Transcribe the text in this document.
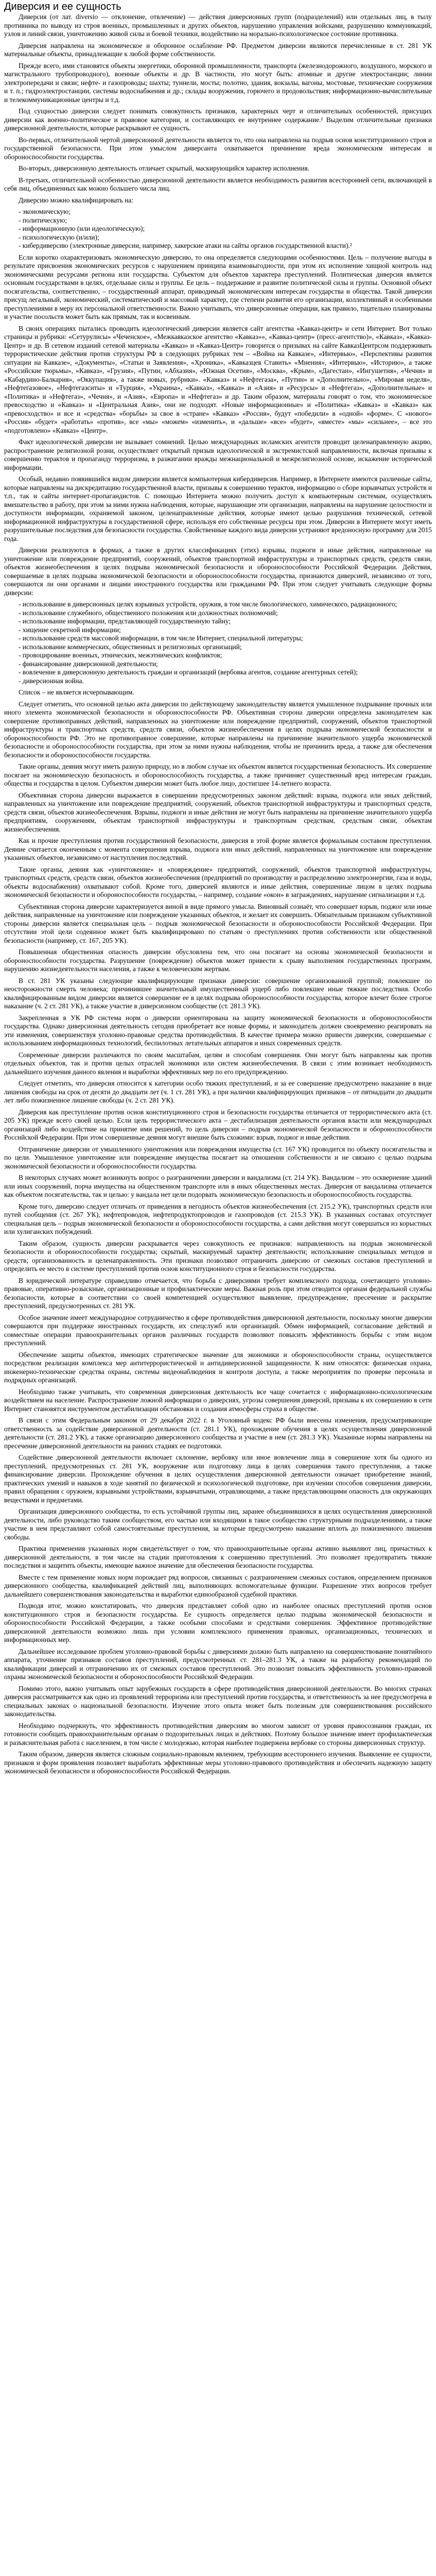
Диверсия и ее сущность

Диверсия (от лат. diversio — отклонение, отвлечение) — действия диверсионных групп (подразделений) или отдельных лиц, в тылу противника по выводу из строя военных, промышленных и других объектов, нарушению управления войсками, разрушению коммуникаций, узлов и линий связи, уничтожению живой силы и боевой техники, воздействию на морально-психологическое состояние противника.

Диверсия направлена на экономическое и оборонное ослабление РФ. Предметом диверсии являются перечисленные в ст. 281 УК материальные объекты, принадлежащие к любой форме собственности.

Прежде всего, ими становятся объекты энергетики, оборонной промышленности, транспорта (железнодорожного, воздушного, морского и магистрального трубопроводного), военные объекты и др. В частности, это могут быть: атомные и другие электростанции; линии электропередачи и связи; нефте- и газопроводы; шахты; туннели, мосты; полотно, здания, вокзалы, вагоны, мостовые, технические сооружения и т. п.; гидроэлектростанции, системы водоснабжения и др.; склады вооружения, горючего и продовольствия; информационно-вычислительные и телекоммуникационные центры и т.д.

Под сущностью диверсии следует понимать совокупность признаков, характерных черт и отличительных особенностей, присущих диверсии как военно-политическое и правовое категории, и составляющих ее внутреннее содержание.¹ Выделим отличительные признаки диверсионной деятельности, которые раскрывают ее сущность.

Во-первых, отличительной чертой диверсионной деятельности является то, что она направлена на подрыв основ конституционного строя и государственной безопасности. При этом умыслом диверсанта охватывается причинение вреда экономическим интересам и обороноспособности государства.

Во-вторых, диверсионную деятельность отличает скрытый, маскирующийся характер исполнения.

В-третьих, отличительной особенностью диверсионной деятельности является необходимость развития всесторонней сети, включающей в себя лиц, объединенных как можно большего числа лиц.

Диверсию можно квалифицировать на:

- экономическую;

- политическую;

- информационную (или идеологическую);

- психологическую (и/или);

- кибердиверсию (электронные диверсии, например, хакерские атаки на сайты органов государственной власти).²

Если коротко охарактеризовать экономическую диверсию, то она определяется следующими особенностями. Цель – получение выгоды в результате присвоения экономических ресурсов с нарушением принципа взаимовыгодности, при этом их исполнение хищной контроль над экономическими ресурсами региона или государства. Субъектом для объектов характера преступлений. Политическая диверсия является основным государствами в целях, отдельные силы и группы. Ее цель – поддержание и развитие политической силы и группы. Основной объект посягательства, соответственно, – государственный аппарат, приводимый экономическим интересам государства и общества. Такой диверсии присущ легальный, экономический, систематический и массовый характер, где степени развития его организации, коллективный и особенными преступлениями в меру их персональной ответственности. Важно учитывать, что диверсионные операции, как правило, тщательно планированы и участие посольств может быть как прямым, так и косвенным.

В своих операциях пытались проводить идеологический диверсии является сайт агентства «Кавказ-центр» и сети Интернет. Вот только страницы и рубрики: «Сетурулисы» «Чеченское», «Межкавказское агентство «Кавказ»», «Кавказ-центр» (пресс-агентство)», «Кавказ», «Кавказ-Центр» и др. В сетевом изданий сетевой материалы «Кавказ» и «Кавказ-Центр» говорится о призывах на сайте КавказЦентрсом поддерживать террористические действия против структуры РФ в следующих рубриках тем – «Война на Кавказе», «Интервью», «Перспективы развития ситуации на Кавказе», «Документы», «Статьи и Заявления», «Хроника», «Кавказцев Ставить» «Мнения», «Интервью», «Историю», а также «Российские тюрьмы», «Кавказ», «Грузия», «Путин, «Абхазия», «Южная Осетия», «Москва», «Крым», «Дагестан», «Ингушетия», «Чечня» и «Кабардино-Балкария», «Оккупация», а также новых, рубрики». «Кавказ» и «Нефтегаза», «Путин» и «Дополнительно», «Мировая неделя», «Нефтегазовое», «Нефтегазситы» и «Турция», «Украина», «Кавказ», «Кавказ» и «Азия» и «Ресурсы» и «Нефтегаз», «Дополнительные» и «Политика» и «Нефтегаз», «Чечня», и «Азия», «Европа» и «Нефтегаз» и др. Таким образом, материалы говорят о том, что экономическое превосходство и «Кавказ» и «Центральная Азия», они не подходят. «Новые информационные» и «Политика» «Кавказ» и «Кавказ» как «превосходство» и все и «средства» «борьбы» за свое в «стране» «Кавказ» «Россия», будут «победили» в «одной» «форме». С «нового» «Россия» «будет» «работать» «против», все «мы» «можем» «изменить», и «дальше» «все» «будет», «вместе» «мы» «сильнее», – все это «подготовлено» «Кавказ» «Центр».

Факт идеологической диверсии не вызывает сомнений. Целью международных исламских агентств проводит целенаправленную акцию, распространение религиозной розни, осуществляет открытый призыв идеологической и экстремистской направленности, включая призывы к совершению терактов и пропаганду терроризма, в разжигании вражды межнациональной и межрелигиозной основе, искажение исторической информации.

Особый, недавно появившийся видом диверсии является компьютерная кибердиверсия. Например, в Интернете имеются различные сайты, которые направлены на дискредитацию государственной власти, призывы к совершению терактов, информацию о сборе взрывчатых устройств и т.п., так и сайты интернет-пропагандистов. С помощью Интернета можно получить доступ к компьютерным системам, осуществлять вмешательство в работу, при этом за ними нужна наблюдения, которые, нарушающие эти организации, направлены на нарушение целостности и доступности информации, охраняемой законом, целенаправленные действия, которые имеют целью разрушения технической, сетевой информационной инфраструктуры в государственной сфере, используя его собственные ресурсы при этом. Диверсии в Интернете могут иметь разрушительные последствия для безопасности государства. Свойственные каждого вида диверсии устраняют вредоносную программу для 2015 года.

Диверсии реализуются в формах, а также в других классификациях (этих) взрывы, поджоги и иные действия, направленные на уничтожение или повреждение предприятий, сооружений, объектов транспортной инфраструктуры и транспортных средств, средств связи, объектов жизнеобеспечения в целях подрыва экономической безопасности и обороноспособности Российской Федерации. Действия, совершаемые в целях подрыва экономической безопасности и обороноспособности государства, признаются диверсией, независимо от того, совершаются ли они органами и лицами иностранного государства или гражданами РФ. При этом следует учитывать следующие формы диверсии:

- использование в диверсионных целях взрывных устройств, оружия, в том числе биологического, химического, радиационного;

- использование служебного, общественного положения или должностных полномочий;

- использование информации, представляющей государственную тайну;

- хищение секретной информации;

- использование средств массовой информации, в том числе Интернет, специальной литературы;

- использование коммерческих, общественных и религиозных организаций;

- провоцирование военных, этнических, межэтнических конфликтов;

- финансирование диверсионной деятельности;

- вовлечение в диверсионную деятельность граждан и организаций (вербовка агентов, создание агентурных сетей);

- диверсионная война.

Список – не является исчерпывающим.

Следует отметить, что основной целью акта диверсии по действующему законодательству является умышленное подрывание прочных или иного элемента экономической безопасности и обороноспособности РФ. Объективная сторона диверсии определена законодателем как совершение противоправных действий, направленных на уничтожение или повреждение предприятий, сооружений, объектов транспортной инфраструктуры и транспортных средств, средств связи, объектов жизнеобеспечения в целях подрыва экономической безопасности и обороноспособности РФ. Это не противоправное совершение, которые направлены на причинение значительного ущерба экономической безопасности и обороноспособности государства, при этом за ними нужны наблюдения, чтобы не причинить вреда, а также для обеспечения безопасности и обороноспособности государства.

Такие органы, деяния могут иметь разную природу, но в любом случае их объектом является государственная безопасность. Их совершение посягает на экономическую безопасность и обороноспособность государства, а также причиняет существенный вред интересам граждан, общества и государства в целом. Субъектом диверсии может быть любое лицо, достигшее 14-летнего возраста.

Объективная сторона диверсии выражается в совершении предусмотренных законом действий: взрыва, поджога или иных действий, направленных на уничтожение или повреждение предприятий, сооружений, объектов транспортной инфраструктуры и транспортных средств, средств связи, объектов жизнеобеспечения. Взрывы, поджоги и иные действия не могут быть направлены на причинение значительного ущерба предприятиям, сооружениям, объектам транспортной инфраструктуры и транспортным средствам, средствам связи, объектам жизнеобеспечения.

Как и прочие преступления против государственной безопасности, диверсия в этой форме является формальным составом преступления. Деяние считается оконченным с момента совершения взрыва, поджога или иных действий, направленных на уничтожение или повреждение указанных объектов, независимо от наступления последствий.

Такие органы, деяния как «уничтожение» и «повреждение» предприятий, сооружений, объектов транспортной инфраструктуры, транспортных средств, средств связи, объектов жизнеобеспечения (предприятий по производству и распределению электроэнергии, газа и воды, объекты водоснабжения) охватывают собой. Кроме того, диверсией являются и иные действия, совершенные лицом в целях подрыва экономической безопасности и обороноспособности государства, – например, создание «окон» в заграждениях, нарушение сигнализации и т.д.

Субъективная сторона диверсии характеризуется виной в виде прямого умысла. Виновный сознаёт, что совершает взрыв, поджог или иные действия, направленные на уничтожение или повреждение указанных объектов, и желает их совершить. Обязательным признаком субъективной стороны диверсии является специальная цель – подрыв экономической безопасности и обороноспособности Российской Федерации. При отсутствии этой цели содеянное может быть квалифицировано по статьям о преступлениях против собственности или общественной безопасности (например, ст. 167, 205 УК).

Повышенная общественная опасность диверсии обусловлена тем, что она посягает на основы экономической безопасности и обороноспособности государства. Разрушение (повреждение) объектов может привести к срыву выполнения государственных программ, нарушению жизнедеятельности населения, а также к человеческим жертвам.

В ст. 281 УК указаны следующие квалифицирующие признаки диверсии: совершение организованной группой; повлекшее по неосторожности смерть человека; причинившее значительный имущественный ущерб либо повлекшее иные тяжкие последствия. Особо квалифицированным видом диверсии является совершение ее в целях подрыва обороноспособности государства, которое влечет более строгое наказание (ч. 2 ст. 281 УК), а также участие в диверсионном сообществе (ст. 281.3 УК).

Закрепленная в УК РФ система норм о диверсии ориентирована на защиту экономической безопасности и обороноспособности государства. Однако диверсионная деятельность сегодня приобретает все новые формы, и законодатель должен своевременно реагировать на эти изменения, совершенствуя уголовно-правовые средства противодействия. В качестве примера можно привести диверсии, совершаемые с использованием информационных технологий, беспилотных летательных аппаратов и иных современных средств.

Современные диверсии различаются по своим масштабам, целям и способам совершения. Они могут быть направлены как против отдельных объектов, так и против целых отраслей экономики или систем жизнеобеспечения. В связи с этим возникает необходимость дальнейшего изучения данного явления и выработки эффективных мер по его предупреждению.

Следует отметить, что диверсия относится к категории особо тяжких преступлений, и за ее совершение предусмотрено наказание в виде лишения свободы на срок от десяти до двадцати лет (ч. 1 ст. 281 УК), а при наличии квалифицирующих признаков – от пятнадцати до двадцати лет либо пожизненное лишение свободы (ч. 2 ст. 281 УК).

Диверсия как преступление против основ конституционного строя и безопасности государства отличается от террористического акта (ст. 205 УК) прежде всего своей целью. Если цель террористического акта – дестабилизация деятельности органов власти или международных организаций либо воздействие на принятие ими решений, то цель диверсии – подрыв экономической безопасности и обороноспособности Российской Федерации. При этом совершенные деяния могут внешне быть схожими: взрыв, поджог и иные действия.

Отграничение диверсии от умышленного уничтожения или повреждения имущества (ст. 167 УК) проводится по объекту посягательства и по цели. Умышленное уничтожение или повреждение имущества посягает на отношения собственности и не связано с целью подрыва экономической безопасности и обороноспособности государства.

В некоторых случаях может возникнуть вопрос о разграничении диверсии и вандализма (ст. 214 УК). Вандализм – это осквернение зданий или иных сооружений, порча имущества на общественном транспорте или в иных общественных местах. Диверсия от вандализма отличается как объектом посягательства, так и целью: у вандала нет цели подорвать экономическую безопасность и обороноспособность государства.

Кроме того, диверсию следует отличать от приведения в негодность объектов жизнеобеспечения (ст. 215.2 УК), транспортных средств или путей сообщения (ст. 267 УК), нефтепроводов, нефтепродуктопроводов и газопроводов (ст. 215.3 УК). В указанных составах отсутствует специальная цель – подрыв экономической безопасности и обороноспособности государства, а сами действия могут совершаться из корыстных или хулиганских побуждений.

Таким образом, сущность диверсии раскрывается через совокупность ее признаков: направленность на подрыв экономической безопасности и обороноспособности государства; скрытый, маскируемый характер деятельности; использование специальных методов и средств; организованность и целенаправленность. Эти признаки позволяют отграничить диверсию от смежных составов преступлений и определить ее место в системе преступлений против основ конституционного строя и безопасности государства.

В юридической литературе справедливо отмечается, что борьба с диверсиями требует комплексного подхода, сочетающего уголовно-правовые, оперативно-розыскные, организационные и профилактические меры. Важная роль при этом отводится органам федеральной службы безопасности, которые в соответствии со своей компетенцией осуществляют выявление, предупреждение, пресечение и раскрытие преступлений, предусмотренных ст. 281 УК.

Особое значение имеет международное сотрудничество в сфере противодействия диверсионной деятельности, поскольку многие диверсии совершаются при поддержке иностранных государств, их спецслужб или организаций. Обмен информацией, согласование действий и совместные операции правоохранительных органов различных государств позволяют повысить эффективность борьбы с этим видом преступлений.

Обеспечение защиты объектов, имеющих стратегическое значение для экономики и обороноспособности страны, осуществляется посредством реализации комплекса мер антитеррористической и антидиверсионной защищенности. К ним относятся: физическая охрана, инженерно-технические средства охраны, системы видеонаблюдения и контроля доступа, а также мероприятия по проверке персонала и подрядных организаций.

Необходимо также учитывать, что современная диверсионная деятельность все чаще сочетается с информационно-психологическим воздействием на население. Распространение ложной информации о диверсиях, угрозы совершения диверсий, призывы к их совершению в сети Интернет становятся инструментом дестабилизации обстановки и создания атмосферы страха в обществе.

В связи с этим Федеральным законом от 29 декабря 2022 г. в Уголовный кодекс РФ были внесены изменения, предусматривающие ответственность за содействие диверсионной деятельности (ст. 281.1 УК), прохождение обучения в целях осуществления диверсионной деятельности (ст. 281.2 УК), а также организацию диверсионного сообщества и участие в нем (ст. 281.3 УК). Указанные нормы направлены на пресечение диверсионной деятельности на ранних стадиях ее подготовки.

Содействие диверсионной деятельности включает склонение, вербовку или иное вовлечение лица в совершение хотя бы одного из преступлений, предусмотренных ст. 281 УК, вооружение или подготовку лица в целях совершения такого преступления, а также финансирование диверсии. Прохождение обучения в целях осуществления диверсионной деятельности означает приобретение знаний, практических умений и навыков в ходе занятий по физической и психологической подготовке, при изучении способов совершения диверсии, правил обращения с оружием, взрывными устройствами, взрывчатыми, отравляющими, а также представляющими опасность для окружающих веществами и предметами.

Организация диверсионного сообщества, то есть устойчивой группы лиц, заранее объединившихся в целях осуществления диверсионной деятельности, либо руководство таким сообществом, его частью или входящими в такое сообщество структурными подразделениями, а также участие в нем представляют собой самостоятельные преступления, за которые предусмотрено наказание вплоть до пожизненного лишения свободы.

Практика применения указанных норм свидетельствует о том, что правоохранительные органы активно выявляют лиц, причастных к диверсионной деятельности, в том числе на стадии приготовления к совершению преступлений. Это позволяет предотвратить тяжкие последствия и защитить объекты, имеющие важное значение для обеспечения безопасности государства.

Вместе с тем применение новых норм порождает ряд вопросов, связанных с разграничением смежных составов, определением признаков диверсионного сообщества, квалификацией действий лиц, выполняющих вспомогательные функции. Разрешение этих вопросов требует дальнейшего совершенствования законодательства и выработки единообразной судебной практики.

Подводя итог, можно констатировать, что диверсия представляет собой одно из наиболее опасных преступлений против основ конституционного строя и безопасности государства. Ее сущность определяется целью подрыва экономической безопасности и обороноспособности Российской Федерации, а также особыми способами и средствами совершения. Эффективное противодействие диверсионной деятельности возможно лишь при условии комплексного применения правовых, организационных, технических и информационных мер.

Дальнейшее исследование проблем уголовно-правовой борьбы с диверсиями должно быть направлено на совершенствование понятийного аппарата, уточнение признаков составов преступлений, предусмотренных ст. 281–281.3 УК, а также на разработку рекомендаций по квалификации диверсий и отграничению их от смежных составов преступлений. Это позволит повысить эффективность уголовно-правовой охраны экономической безопасности и обороноспособности Российской Федерации.

Помимо этого, важно учитывать опыт зарубежных государств в сфере противодействия диверсионной деятельности. Во многих странах диверсия рассматривается как одно из проявлений терроризма или преступлений против государства, и ответственность за нее предусмотрена в специальных законах о национальной безопасности. Изучение этого опыта может быть полезным для совершенствования российского законодательства.

Необходимо подчеркнуть, что эффективность противодействия диверсиям во многом зависит от уровня правосознания граждан, их готовности сообщать правоохранительным органам о подозрительных лицах и действиях. Поэтому большое значение имеет профилактическая и разъяснительная работа с населением, в том числе с молодежью, которая наиболее подвержена вербовке со стороны диверсионных структур.

Таким образом, диверсия является сложным социально-правовым явлением, требующим всестороннего изучения. Выявление ее сущности, признаков и форм проявления позволяет выработать эффективные меры уголовно-правового противодействия и обеспечить надежную защиту экономической безопасности и обороноспособности Российской Федерации.
